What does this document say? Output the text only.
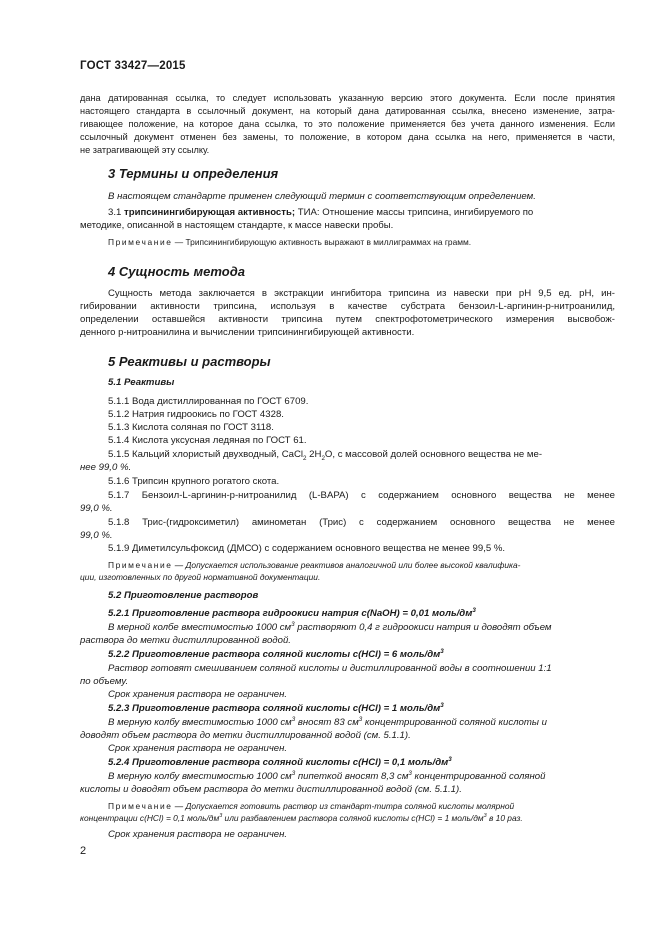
ГОСТ 33427—2015
дана датированная ссылка, то следует использовать указанную версию этого документа. Если после принятия
настоящего стандарта в ссылочный документ, на который дана датированная ссылка, внесено изменение, затра-
гивающее положение, на которое дана ссылка, то это положение применяется без учета данного изменения. Если
ссылочный документ отменен без замены, то положение, в котором дана ссылка на него, применяется в части,
не затрагивающей эту ссылку.
3 Термины и определения
В настоящем стандарте применен следующий термин с соответствующим определением.
3.1 трипсинингибирующая активность; ТИА: Отношение массы трипсина, ингибируемого по
методике, описанной в настоящем стандарте, к массе навески пробы.
Примечание — Трипсинингибирующую активность выражают в миллиграммах на грамм.
4 Сущность метода
Сущность метода заключается в экстракции ингибитора трипсина из навески при pH 9,5 ед. pH, ин-
гибировании активности трипсина, используя в качестве субстрата бензоил-L-аргинин-p-нитроанилид,
определении оставшейся активности трипсина путем спектрофотометрического измерения высвобож-
денного p-нитроанилина и вычислении трипсинингибирующей активности.
5 Реактивы и растворы
5.1 Реактивы
5.1.1 Вода дистиллированная по ГОСТ 6709.
5.1.2 Натрия гидроокись по ГОСТ 4328.
5.1.3 Кислота соляная по ГОСТ 3118.
5.1.4 Кислота уксусная ледяная по ГОСТ 61.
5.1.5 Кальций хлористый двухводный, CaCl$_2$ $2H_2O$, с массовой долей основного вещества не ме-
нее 99,0 %.
5.1.6 Трипсин крупного рогатого скота.
5.1.7 Бензоил-L-аргинин-p-нитроанилид (L-BAPA) с содержанием основного вещества не менее
99,0 %.
5.1.8 Трис-(гидроксиметил) аминометан (Трис) с содержанием основного вещества не менее
99,0 %.
5.1.9 Диметилсульфоксид (ДМСО) с содержанием основного вещества не менее 99,5 %.
Примечание — Допускается использование реактивов аналогичной или более высокой квалифика-
ции, изготовленных по другой нормативной документации.
5.2 Приготовление растворов
5.2.1 Приготовление раствора гидроокиси натрия c(NaOH) = 0,01 моль/$дм^3$
В мерной колбе вместимостью 1000 $см^3$ растворяют 0,4 г гидроокиси натрия и доводят объем
раствора до метки дистиллированной водой.
5.2.2 Приготовление раствора соляной кислоты c(HCl) = 6 моль/$дм^3$
Раствор готовят смешиванием соляной кислоты и дистиллированной воды в соотношении 1:1
по объему.
Срок хранения раствора не ограничен.
5.2.3 Приготовление раствора соляной кислоты c(HCl) = 1 моль/$дм^3$
В мерную колбу вместимостью 1000 $см^3$ вносят 83 $см^3$ концентрированной соляной кислоты и
доводят объем раствора до метки дистиллированной водой (см. 5.1.1).
Срок хранения раствора не ограничен.
5.2.4 Приготовление раствора соляной кислоты c(HCl) = 0,1 моль/$дм^3$
В мерную колбу вместимостью 1000 $см^3$ пипеткой вносят 8,3 $см^3$ концентрированной соляной
кислоты и доводят объем раствора до метки дистиллированной водой (см. 5.1.1).
Примечание — Допускается готовить раствор из стандарт-титра соляной кислоты молярной
концентрации c(HCl) = 0,1 моль/$дм^3$ или разбавлением раствора соляной кислоты c(HCl) = 1 моль/$дм^3$ в 10 раз.
Срок хранения раствора не ограничен.
2
